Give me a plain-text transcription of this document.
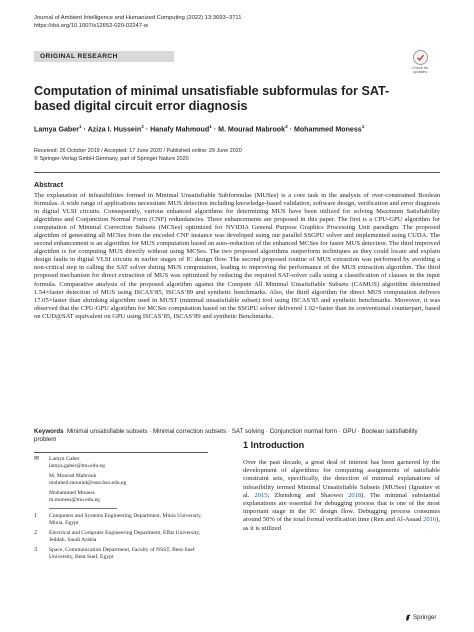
Journal of Ambient Intelligence and Humanized Computing (2022) 13:3693–3711
https://doi.org/10.1007/s12652-020-02247-w
ORIGINAL RESEARCH
Check for
updates
Computation of minimal unsatisfiable subformulas for SAT-based digital circuit error diagnosis
Lamya Gaber$^1$ · Aziza I. Hussein$^2$ · Hanafy Mahmoud$^1$ · M. Mourad Mabrook$^3$ · Mohammed Moness$^1$
Received: 26 October 2019 / Accepted: 17 June 2020 / Published online: 29 June 2020
© Springer-Verlag GmbH Germany, part of Springer Nature 2020
Abstract

The explanation of infeasibilities formed in Minimal Unsatisfiable Subformulas (MUSes) is a core task in the analysis of over-constrained Boolean formulas. A wide range of applications necessitate MUS detection including knowledge-based validation, software design, verification and error diagnosis in digital VLSI circuits. Consequently, various enhanced algorithms for determining MUS have been utilized for solving Maximum Satisfiability algorithms and Conjunction Normal Form (CNF) redundancies. Three enhancements are proposed in this paper. The first is a CPU-GPU algorithm for computation of Minimal Correction Subsets (MCSes) optimized for NVIDIA General Purpose Graphics Processing Unit paradigm. The proposed algorithm of generating all MCSes from the encoded CNF instance was developed using our parallel SSGPU solver and implemented using CUDA. The second enhancement is an algorithm for MUS computation based on auto-reduction of the enhanced MCSes for faster MUS detection. The third improved algorithm is for computing MUS directly without using MCSes. The two proposed algorithms outperform techniques as they could locate and explain design faults in digital VLSI circuits in earlier stages of IC design flow. The second proposed routine of MUS extraction was performed by avoiding a non-critical step in calling the SAT solver during MUS computation, leading to improving the performance of the MUS extraction algorithm. The third proposed mechanism for direct extraction of MUS was optimized by reducing the required SAT-solver calls using a classification of clauses in the input formula. Comparative analysis of the proposed algorithm against the Compute All Minimal Unsatisfiable Subsets (CAMUS) algorithm determined 1.54×faster detection of MUS using ISCAS’85, ISCAS’89 and synthetic benchmarks. Also, the third algorithm for direct MUS computation delivers 17.05×faster than shrinking algorithm used in MUST (minimal unsatisfiable subset) tool using ISCAS’85 and synthetic benchmarks. Moreover, it was observed that the CPU-GPU algorithm for MCSes computation based on the SSGPU solver delivered 1.92×faster than its conventional counterpart, based on CUD@SAT equivalent on GPU using ISCAS’85, ISCAS’89 and synthetic Benchmarks.

Keywords Minimal unsatisfiable subsets · Minimal correction subsets · SAT solving · Conjunction normal form · GPU · Boolean satisfiability problem
✉	Lamya Gaber
lamya.gaber@mu.edu.eg
M. Mourad Mabrook
mohmed.mourad@nsst.bsu.edu.eg
Mohammed Moness
m.moness@mu.edu.eg
1	Computers and Systems Engineering Department, Minia University, Minia, Egypt
2	Electrical and Computer Engineering Department, Effat University, Jeddah, Saudi Arabia
3	Space, Communication Department, Faculty of NSST, Beni-Suef University, Beni Suef, Egypt
1 Introduction

Over the past decade, a great deal of interest has been garnered by the development of algorithms for computing assignments of satisfiable constraint sets, specifically, the detection of minimal explanations of infeasibility termed Minimal Unsatisfiable Subsets (MUSes) (Ignatiev et al. 2015; Zhendong and Shaowei 2018). The minimal substantial explanations are essential for debugging process that is one of the most important stage in the IC design flow. Debugging process consumes around 50% of the total formal verification time (Ren and Al-Asaad 2016), as it is utilized

Springer
